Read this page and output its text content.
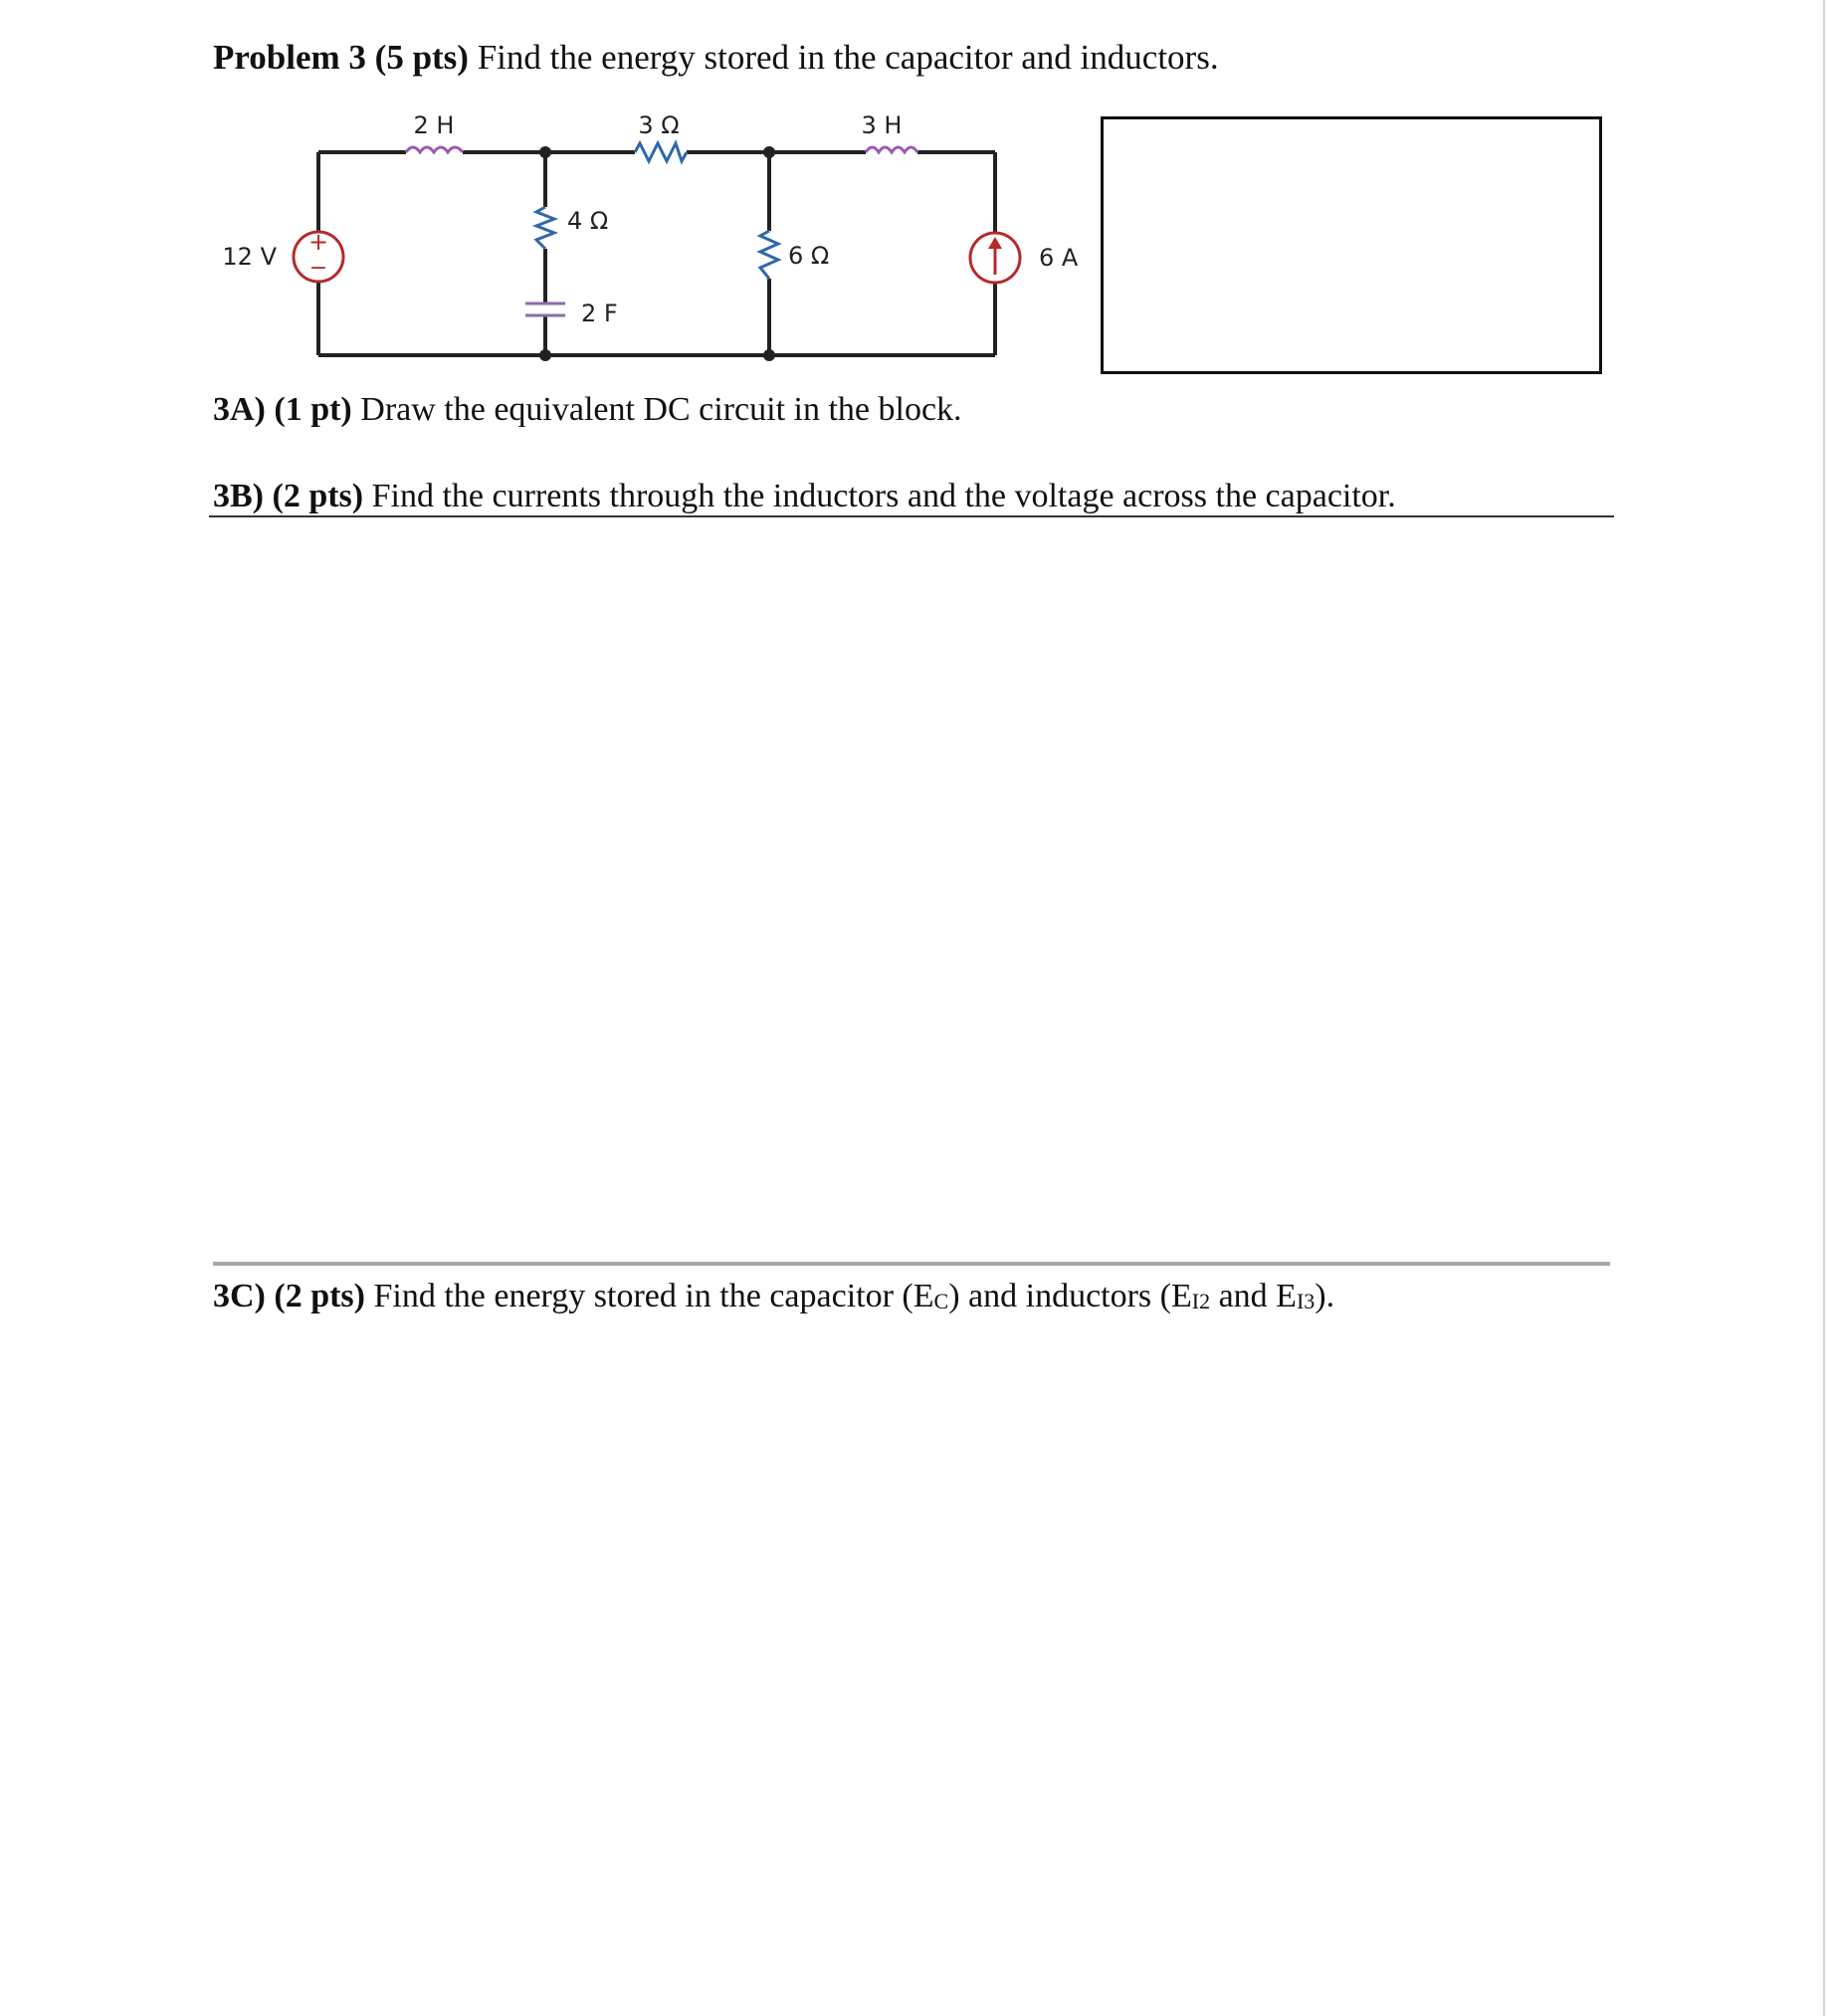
Problem 3 (5 pts) Find the energy stored in the capacitor and inductors.
2 H	3 Ω	3 H
4 Ω
2 F
6 Ω
+
−
12 V	6 A
3A) (1 pt) Draw the equivalent DC circuit in the block.
3B) (2 pts) Find the currents through the inductors and the voltage across the capacitor.
3C) (2 pts) Find the energy stored in the capacitor $(E_C)$ and inductors ($E_{I2}$ and $E_{I3}$).
